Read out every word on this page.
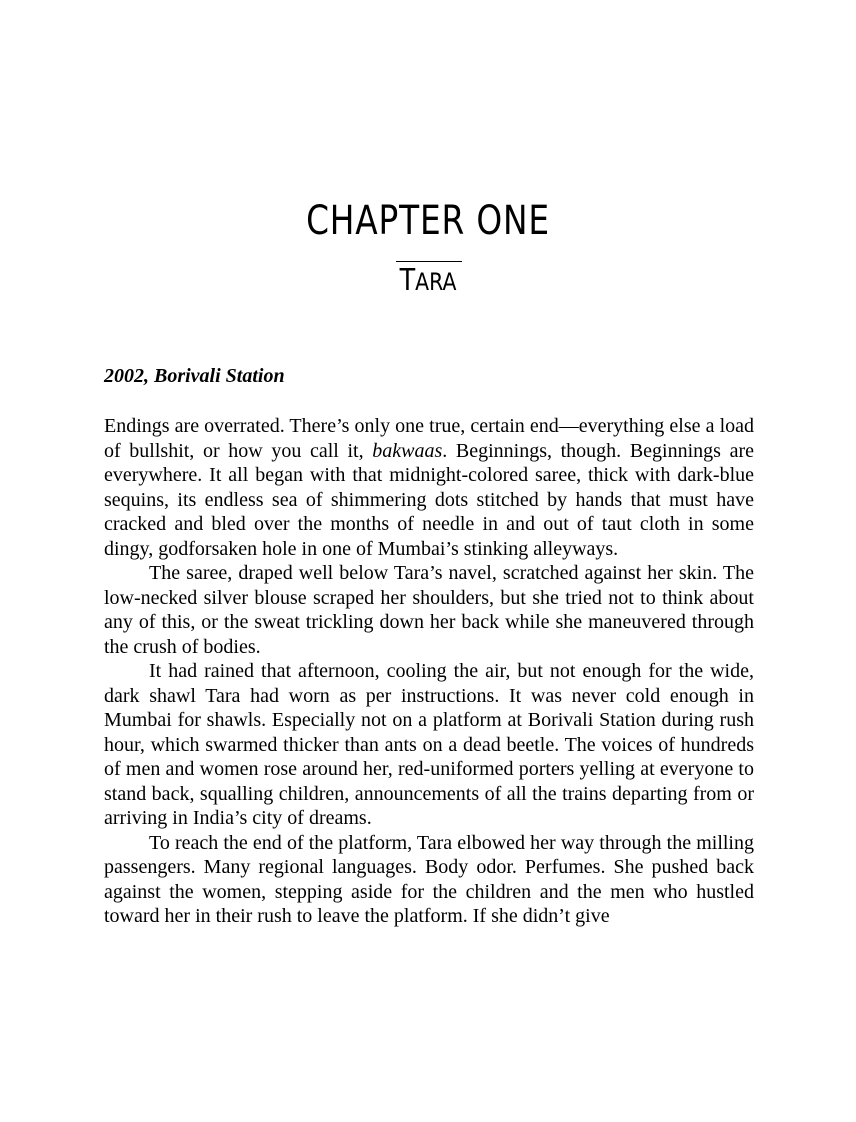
CHAPTER ONE
TARA
2002, Borivali Station

Endings are overrated. There’s only one true, certain end—everything else a load of bullshit, or how you call it, bakwaas. Beginnings, though. Beginnings are everywhere. It all began with that midnight-colored saree, thick with dark-blue sequins, its endless sea of shimmering dots stitched by hands that must have cracked and bled over the months of needle in and out of taut cloth in some dingy, godforsaken hole in one of Mumbai’s stinking alleyways.

The saree, draped well below Tara’s navel, scratched against her skin. The low-necked silver blouse scraped her shoulders, but she tried not to think about any of this, or the sweat trickling down her back while she maneuvered through the crush of bodies.

It had rained that afternoon, cooling the air, but not enough for the wide, dark shawl Tara had worn as per instructions. It was never cold enough in Mumbai for shawls. Especially not on a platform at Borivali Station during rush hour, which swarmed thicker than ants on a dead beetle. The voices of hundreds of men and women rose around her, red-uniformed porters yelling at everyone to stand back, squalling children, announcements of all the trains departing from or arriving in India’s city of dreams.

To reach the end of the platform, Tara elbowed her way through the milling passengers. Many regional languages. Body odor. Perfumes. She pushed back against the women, stepping aside for the children and the men who hustled toward her in their rush to leave the platform. If she didn’t give
